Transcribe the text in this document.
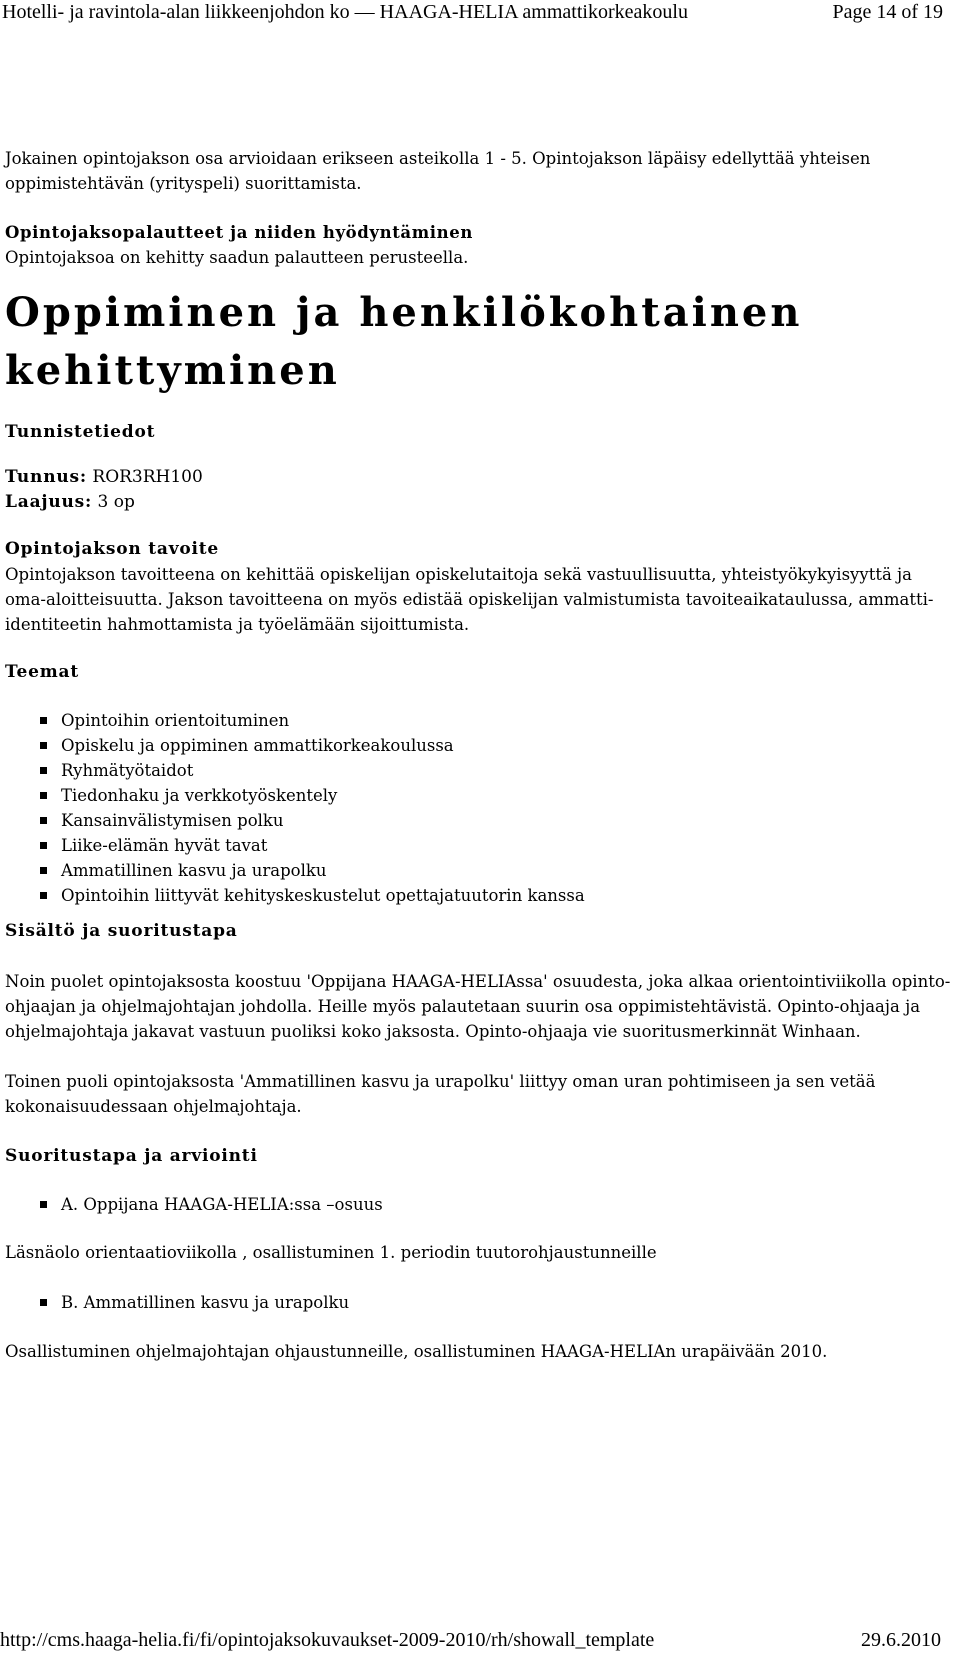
Hotelli- ja ravintola-alan liikkeenjohdon ko — HAAGA-HELIA ammattikorkeakoulu	Page 14 of 19

Jokainen opintojakson osa arvioidaan erikseen asteikolla 1 - 5. Opintojakson läpäisy edellyttää yhteisen oppimistehtävän (yrityspeli) suorittamista.

Opintojaksopalautteet ja niiden hyödyntäminen

Opintojaksoa on kehitty saadun palautteen perusteella.

Oppiminen ja henkilökohtainen kehittyminen

Tunnistetiedot

Tunnus: ROR3RH100

Laajuus: 3 op

Opintojakson tavoite

Opintojakson tavoitteena on kehittää opiskelijan opiskelutaitoja sekä vastuullisuutta, yhteistyökykyisyyttä ja oma-aloitteisuutta. Jakson tavoitteena on myös edistää opiskelijan valmistumista tavoiteaikataulussa, ammatti-identiteetin hahmottamista ja työelämään sijoittumista.

Teemat

Opintoihin orientoituminen
Opiskelu ja oppiminen ammattikorkeakoulussa
Ryhmätyötaidot
Tiedonhaku ja verkkotyöskentely
Kansainvälistymisen polku
Liike-elämän hyvät tavat
Ammatillinen kasvu ja urapolku
Opintoihin liittyvät kehityskeskustelut opettajatuutorin kanssa

Sisältö ja suoritustapa

Noin puolet opintojaksosta koostuu 'Oppijana HAAGA-HELIAssa' osuudesta, joka alkaa orientointiviikolla opinto-ohjaajan ja ohjelmajohtajan johdolla. Heille myös palautetaan suurin osa oppimistehtävistä. Opinto-ohjaaja ja ohjelmajohtaja jakavat vastuun puoliksi koko jaksosta. Opinto-ohjaaja vie suoritusmerkinnät Winhaan.

Toinen puoli opintojaksosta 'Ammatillinen kasvu ja urapolku' liittyy oman uran pohtimiseen ja sen vetää kokonaisuudessaan ohjelmajohtaja.

Suoritustapa ja arviointi

A. Oppijana HAAGA-HELIA:ssa –osuus

Läsnäolo orientaatioviikolla , osallistuminen 1. periodin tuutorohjaustunneille

B. Ammatillinen kasvu ja urapolku

Osallistuminen ohjelmajohtajan ohjaustunneille, osallistuminen HAAGA-HELIAn urapäivään 2010.

http://cms.haaga-helia.fi/fi/opintojaksokuvaukset-2009-2010/rh/showall_template	29.6.2010
